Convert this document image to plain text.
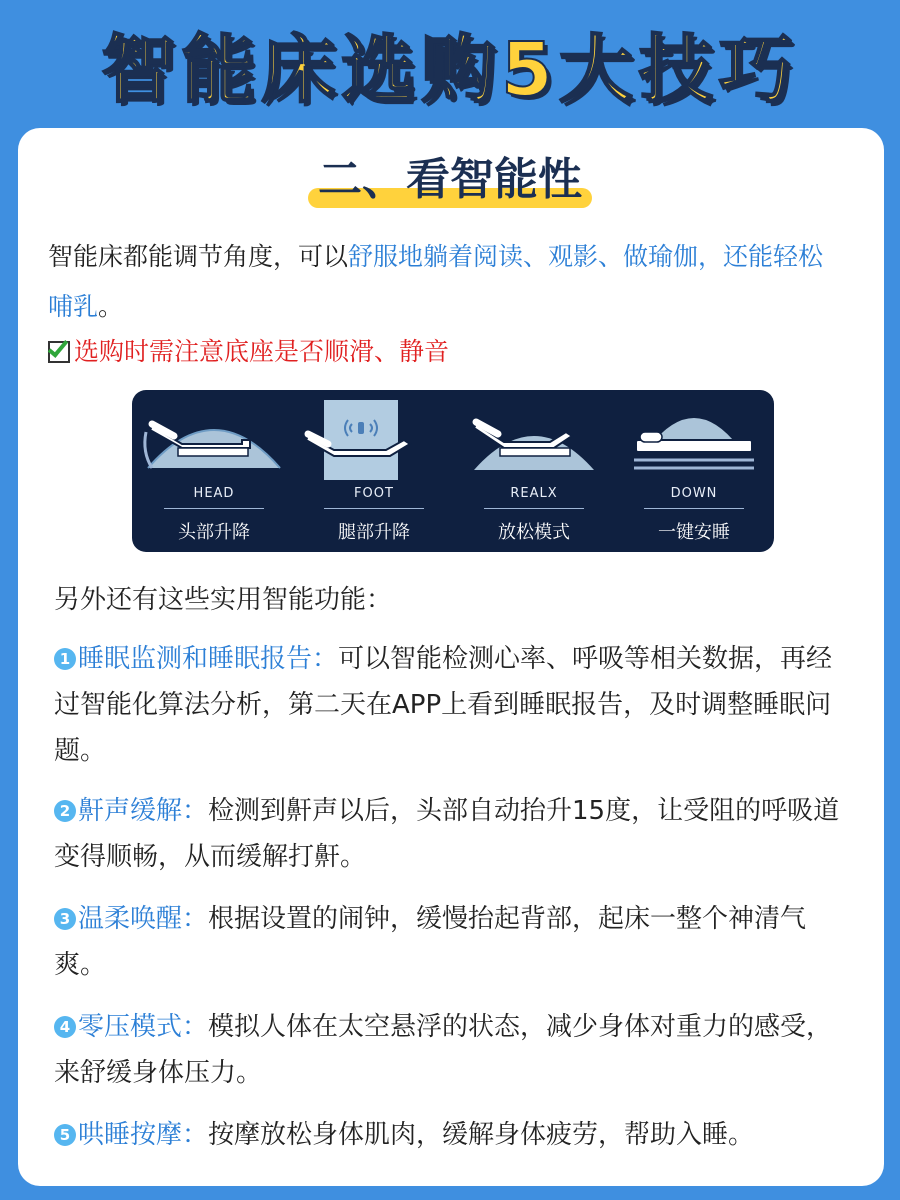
智能床选购5大技巧
二、看智能性
智能床都能调节角度，可以舒服地躺着阅读、观影、做瑜伽，还能轻松哺乳。
选购时需注意底座是否顺滑、静音
HEAD
头部升降
FOOT
腿部升降
REALX
放松模式
DOWN
一键安睡
另外还有这些实用智能功能：
1 睡眠监测和睡眠报告：可以智能检测心率、呼吸等相关数据，再经过智能化算法分析，第二天在APP上看到睡眠报告，及时调整睡眠问题。
2 鼾声缓解：检测到鼾声以后，头部自动抬升15度，让受阻的呼吸道变得顺畅，从而缓解打鼾。
3 温柔唤醒：根据设置的闹钟，缓慢抬起背部，起床一整个神清气爽。
4 零压模式：模拟人体在太空悬浮的状态，减少身体对重力的感受，来舒缓身体压力。
5 哄睡按摩：按摩放松身体肌肉，缓解身体疲劳，帮助入睡。
